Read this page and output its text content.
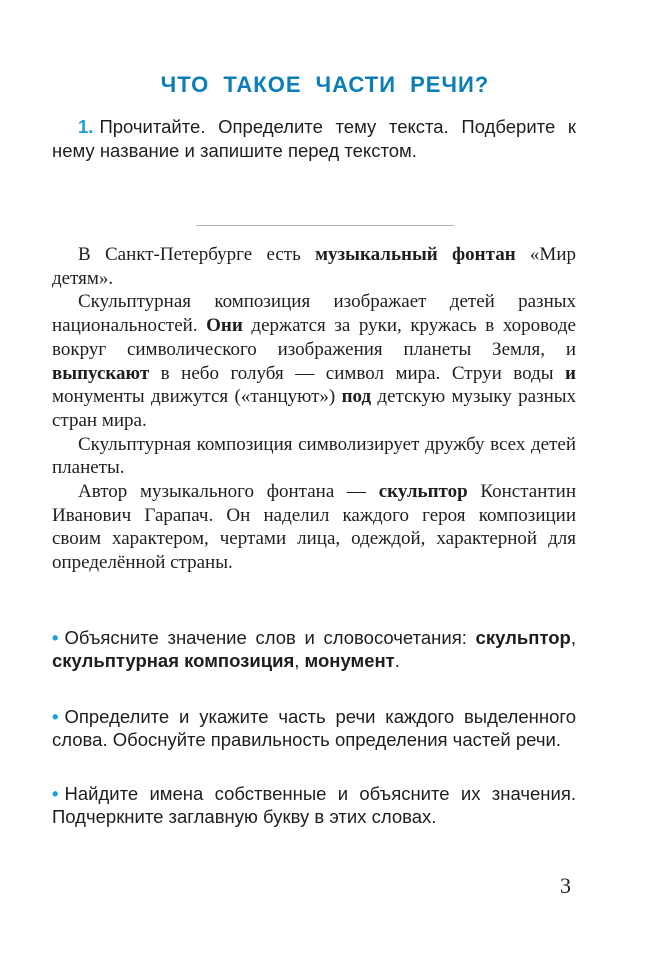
ЧТО ТАКОЕ ЧАСТИ РЕЧИ?
1. Прочитайте. Определите тему текста. Подберите к нему название и запишите перед текстом.

В Санкт-Петербурге есть музыкальный фонтан «Мир детям».

Скульптурная композиция изображает детей разных национальностей. Они держатся за руки, кружась в хороводе вокруг символического изображения планеты Земля, и выпускают в небо голубя — символ мира. Струи воды и монументы движутся («танцуют») под детскую музыку разных стран мира.

Скульптурная композиция символизирует дружбу всех детей планеты.

Автор музыкального фонтана — скульптор Константин Иванович Гарапач. Он наделил каждого героя композиции своим характером, чертами лица, одеждой, характерной для определённой страны.

• Объясните значение слов и словосочетания: скульптор, скульптурная композиция, монумент.

• Определите и укажите часть речи каждого выделенного слова. Обоснуйте правильность определения частей речи.

• Найдите имена собственные и объясните их значения. Подчеркните заглавную букву в этих словах.

3
